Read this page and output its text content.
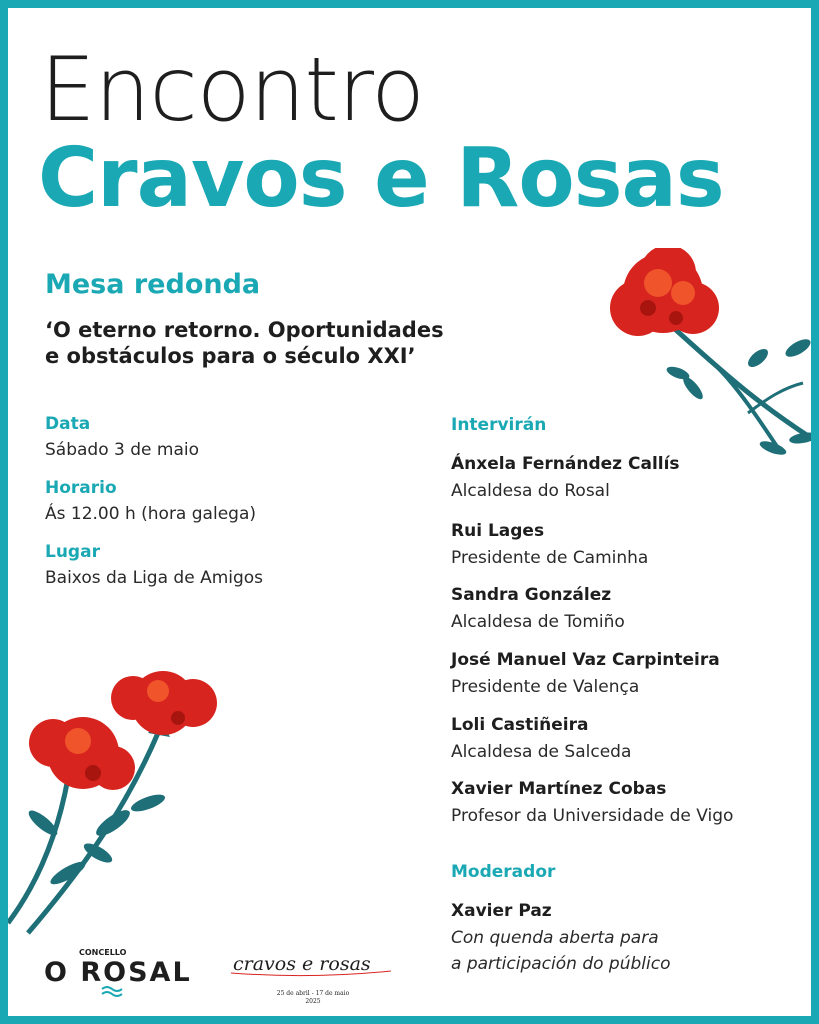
Encontro
Cravos e Rosas
Mesa redonda
‘O eterno retorno. Oportunidades
e obstáculos para o século XXI’
Data
Sábado 3 de maio
Horario
Ás 12.00 h (hora galega)
Lugar
Baixos da Liga de Amigos
Intervirán
Ánxela Fernández Callís
Alcaldesa do Rosal
Rui Lages
Presidente de Caminha
Sandra González
Alcaldesa de Tomiño
José Manuel Vaz Carpinteira
Presidente de Valença
Loli Castiñeira
Alcaldesa de Salceda
Xavier Martínez Cobas
Profesor da Universidade de Vigo
Moderador
Xavier Paz
Con quenda aberta para
a participación do público
CONCELLO
O ROSAL cravos e rosas
25 de abril - 17 de maio
2025
